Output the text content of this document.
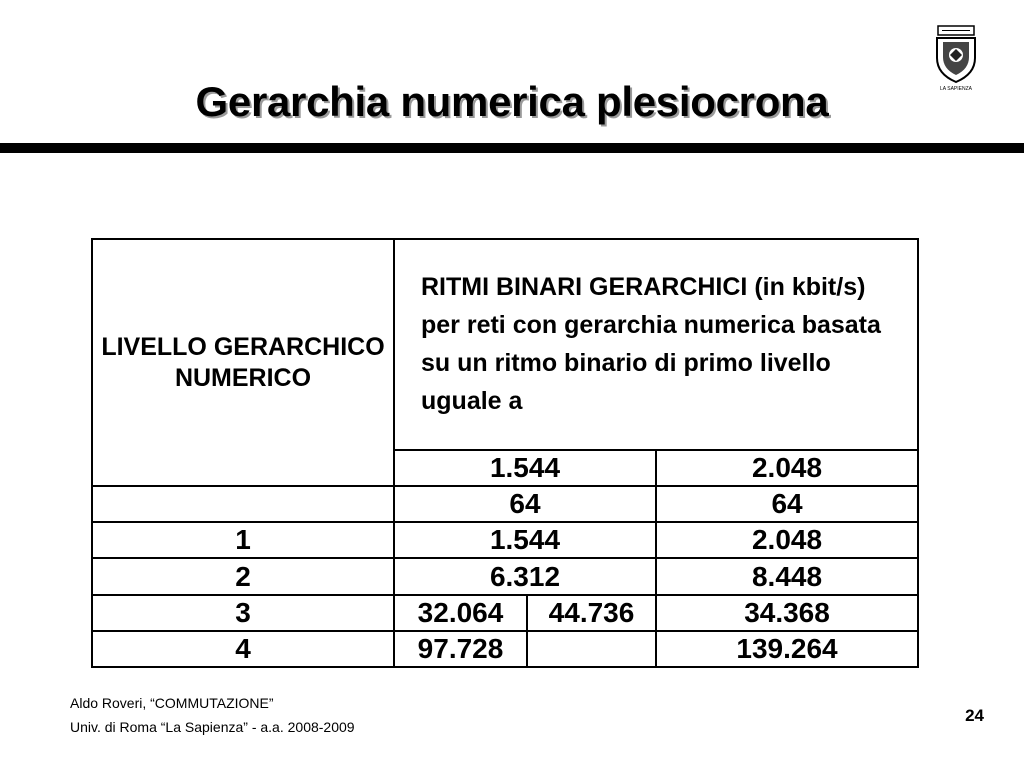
Gerarchia numerica plesiocrona	LA SAPIENZA
LIVELLO GERARCHICO NUMERICO	RITMI BINARI GERARCHICI (in kbit/s) per reti con gerarchia numerica basata su un ritmo binario di primo livello uguale a		
	1.544		2.048
	64		64
1	1.544		2.048
2	6.312		8.448
3	32.064	44.736	34.368
4	97.728		139.264
Aldo Roveri, “COMMUTAZIONE”
Univ. di Roma “La Sapienza” - a.a. 2008-2009
24
